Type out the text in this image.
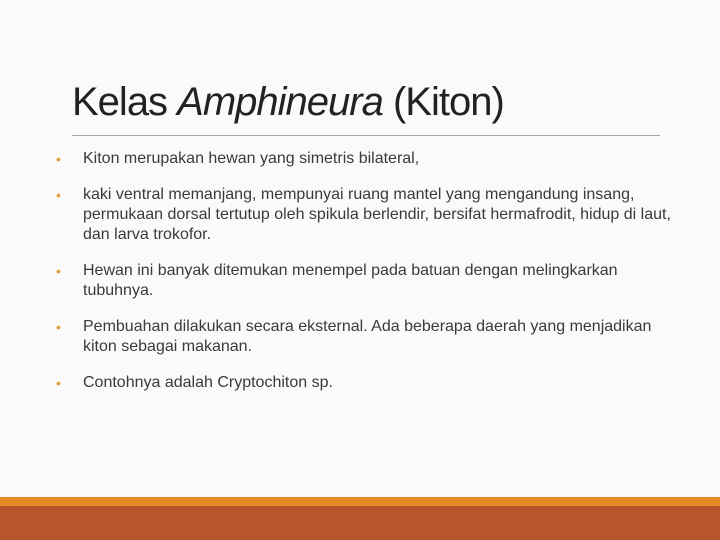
Kelas Amphineura (Kiton)
• Kiton merupakan hewan yang simetris bilateral,
• kaki ventral memanjang, mempunyai ruang mantel yang mengandung insang, permukaan dorsal tertutup oleh spikula berlendir, bersifat hermafrodit, hidup di laut, dan larva trokofor.
• Hewan ini banyak ditemukan menempel pada batuan dengan melingkarkan tubuhnya.
• Pembuahan dilakukan secara eksternal. Ada beberapa daerah yang menjadikan kiton sebagai makanan.
• Contohnya adalah Cryptochiton sp.
